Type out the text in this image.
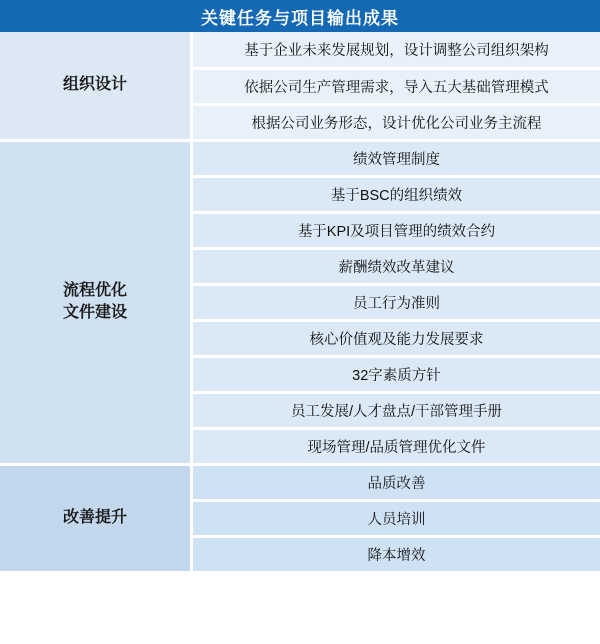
关键任务与项目输出成果
组织设计	基于企业未来发展规划，设计调整公司组织架构
	依据公司生产管理需求，导入五大基础管理模式
	根据公司业务形态，设计优化公司业务主流程

流程优化
文件建设	绩效管理制度
	基于BSC的组织绩效
	基于KPI及项目管理的绩效合约
	薪酬绩效改革建议
	员工行为准则
	核心价值观及能力发展要求
	32字素质方针
	员工发展/人才盘点/干部管理手册
	现场管理/品质管理优化文件

改善提升	品质改善
	人员培训
	降本增效
